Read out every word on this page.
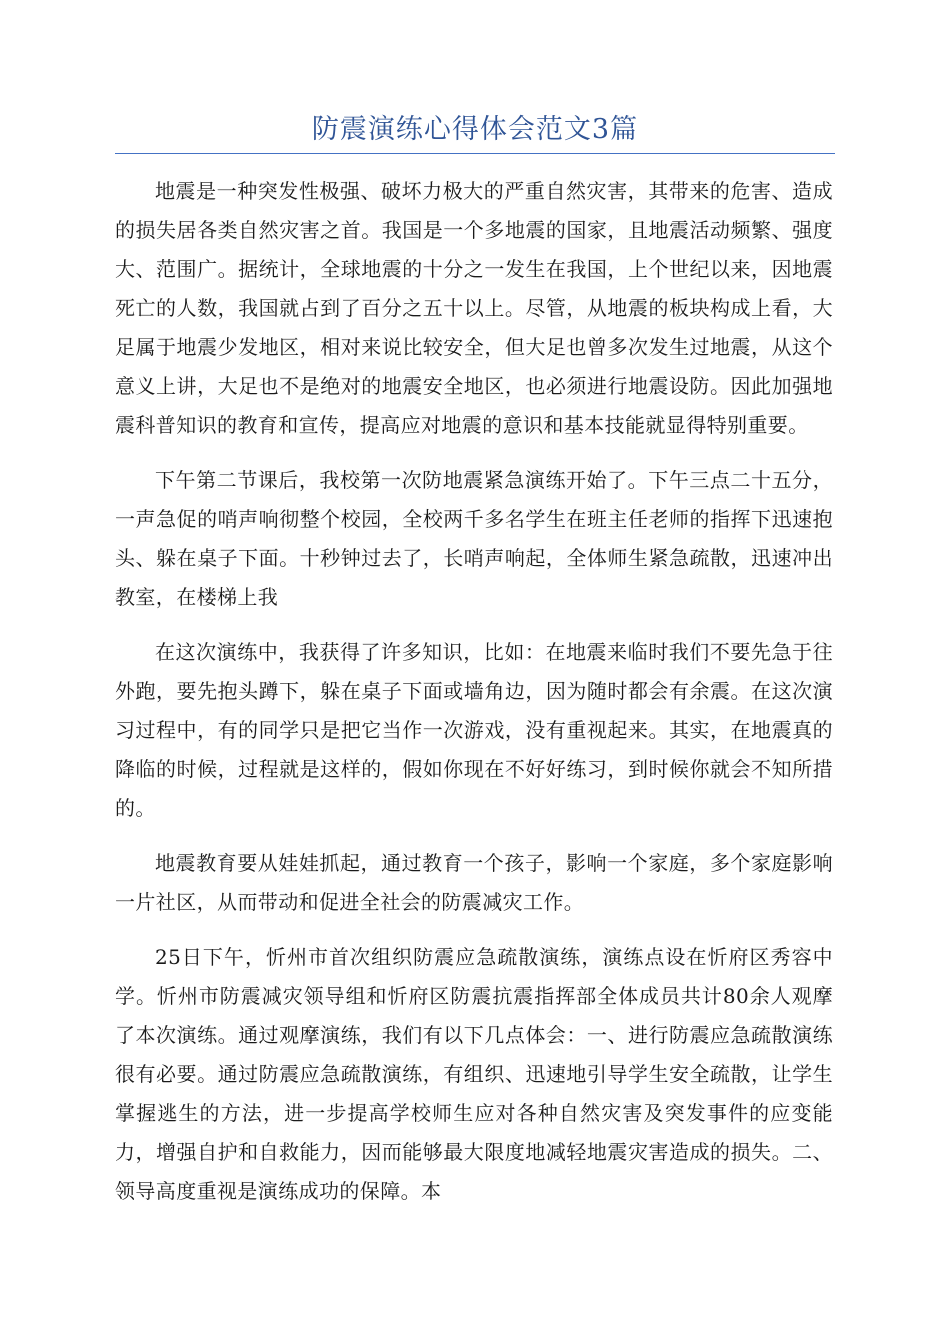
防震演练心得体会范文3篇

地震是一种突发性极强、破坏力极大的严重自然灾害，其带来的危害、造成的损失居各类自然灾害之首。我国是一个多地震的国家，且地震活动频繁、强度大、范围广。据统计，全球地震的十分之一发生在我国，上个世纪以来，因地震死亡的人数，我国就占到了百分之五十以上。尽管，从地震的板块构成上看，大足属于地震少发地区，相对来说比较安全，但大足也曾多次发生过地震，从这个意义上讲，大足也不是绝对的地震安全地区，也必须进行地震设防。因此加强地震科普知识的教育和宣传，提高应对地震的意识和基本技能就显得特别重要。

下午第二节课后，我校第一次防地震紧急演练开始了。下午三点二十五分，一声急促的哨声响彻整个校园，全校两千多名学生在班主任老师的指挥下迅速抱头、躲在桌子下面。十秒钟过去了，长哨声响起，全体师生紧急疏散，迅速冲出教室，在楼梯上我

在这次演练中，我获得了许多知识，比如：在地震来临时我们不要先急于往外跑，要先抱头蹲下，躲在桌子下面或墙角边，因为随时都会有余震。在这次演习过程中，有的同学只是把它当作一次游戏，没有重视起来。其实，在地震真的降临的时候，过程就是这样的，假如你现在不好好练习，到时候你就会不知所措的。

地震教育要从娃娃抓起，通过教育一个孩子，影响一个家庭，多个家庭影响一片社区，从而带动和促进全社会的防震减灾工作。

25日下午，忻州市首次组织防震应急疏散演练，演练点设在忻府区秀容中学。忻州市防震减灾领导组和忻府区防震抗震指挥部全体成员共计80余人观摩了本次演练。通过观摩演练，我们有以下几点体会：一、进行防震应急疏散演练很有必要。通过防震应急疏散演练，有组织、迅速地引导学生安全疏散，让学生掌握逃生的方法，进一步提高学校师生应对各种自然灾害及突发事件的应变能力，增强自护和自救能力，因而能够最大限度地减轻地震灾害造成的损失。二、领导高度重视是演练成功的保障。本
